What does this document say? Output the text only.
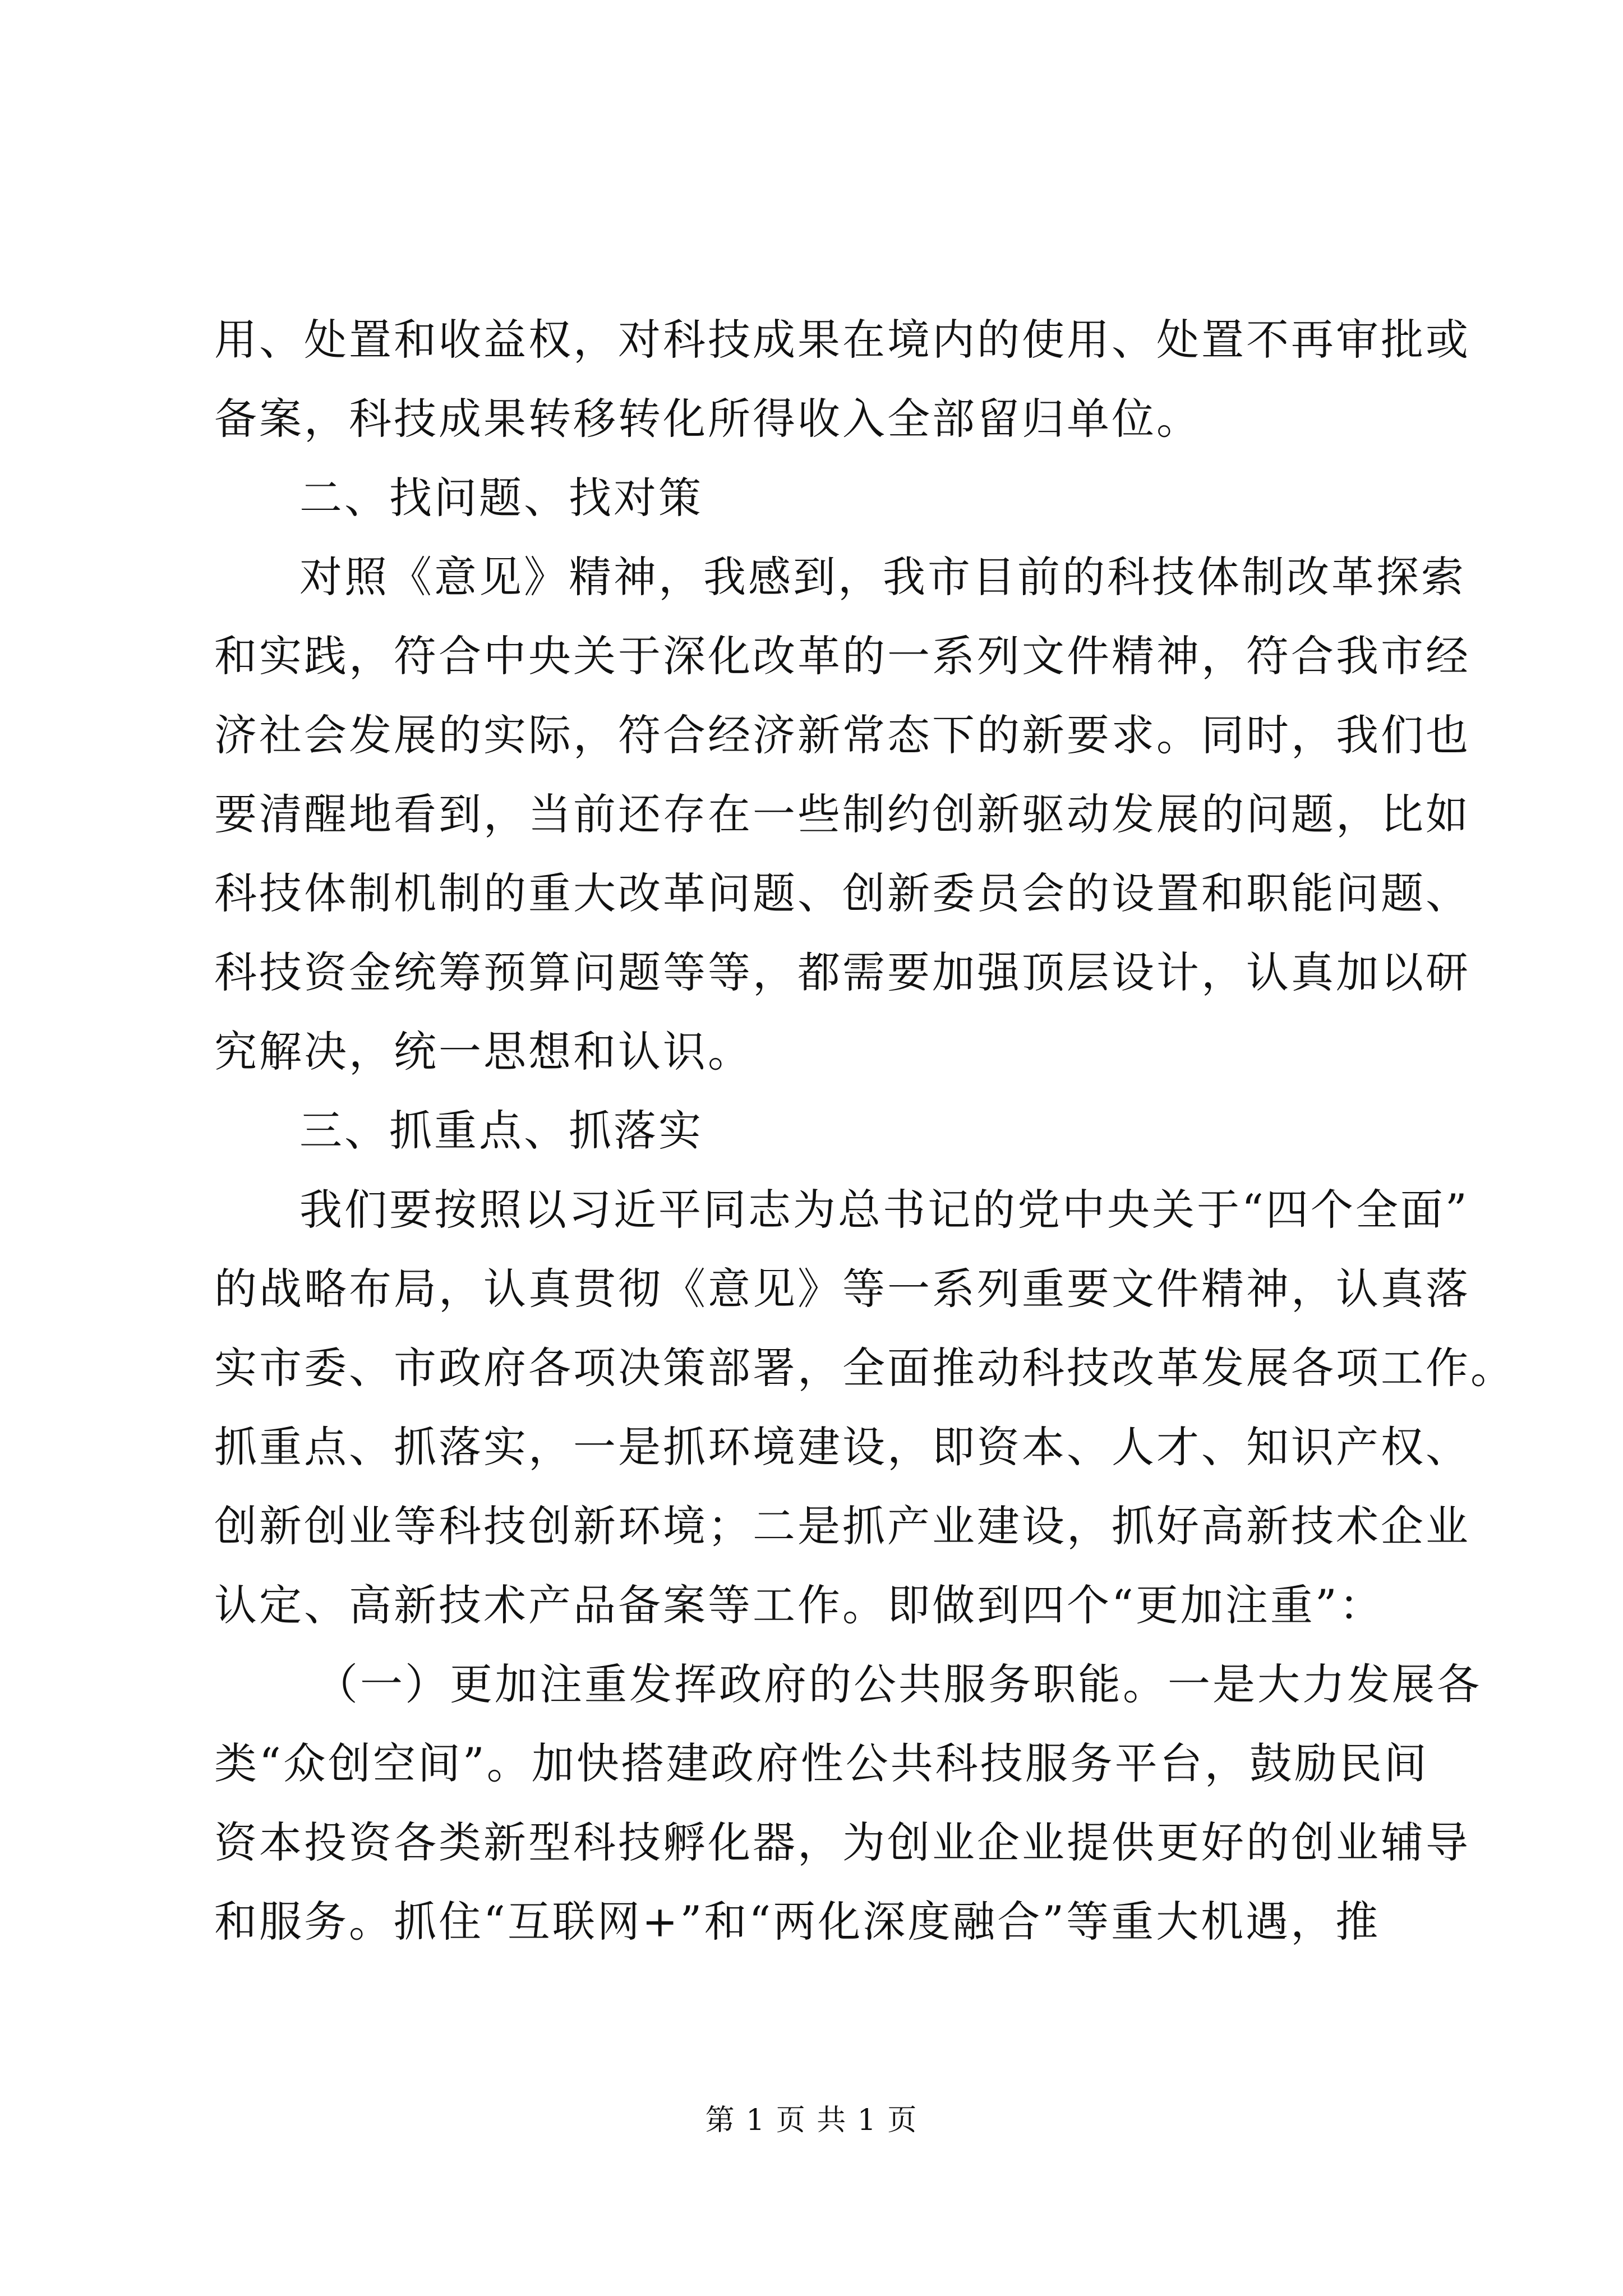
用、处置和收益权，对科技成果在境内的使用、处置不再审批或
备案，科技成果转移转化所得收入全部留归单位。
二、找问题、找对策
对照《意见》精神，我感到，我市目前的科技体制改革探索
和实践，符合中央关于深化改革的一系列文件精神，符合我市经
济社会发展的实际，符合经济新常态下的新要求。同时，我们也
要清醒地看到，当前还存在一些制约创新驱动发展的问题，比如
科技体制机制的重大改革问题、创新委员会的设置和职能问题、
科技资金统筹预算问题等等，都需要加强顶层设计，认真加以研
究解决，统一思想和认识。
三、抓重点、抓落实
我们要按照以习近平同志为总书记的党中央关于“四个全面”
的战略布局，认真贯彻《意见》等一系列重要文件精神，认真落
实市委、市政府各项决策部署，全面推动科技改革发展各项工作。
抓重点、抓落实，一是抓环境建设，即资本、人才、知识产权、
创新创业等科技创新环境；二是抓产业建设，抓好高新技术企业
认定、高新技术产品备案等工作。即做到四个“更加注重”：
（一）更加注重发挥政府的公共服务职能。一是大力发展各
类“众创空间”。加快搭建政府性公共科技服务平台，鼓励民间
资本投资各类新型科技孵化器，为创业企业提供更好的创业辅导
和服务。抓住“互联网+”和“两化深度融合”等重大机遇，推
第 1 页 共 1 页
